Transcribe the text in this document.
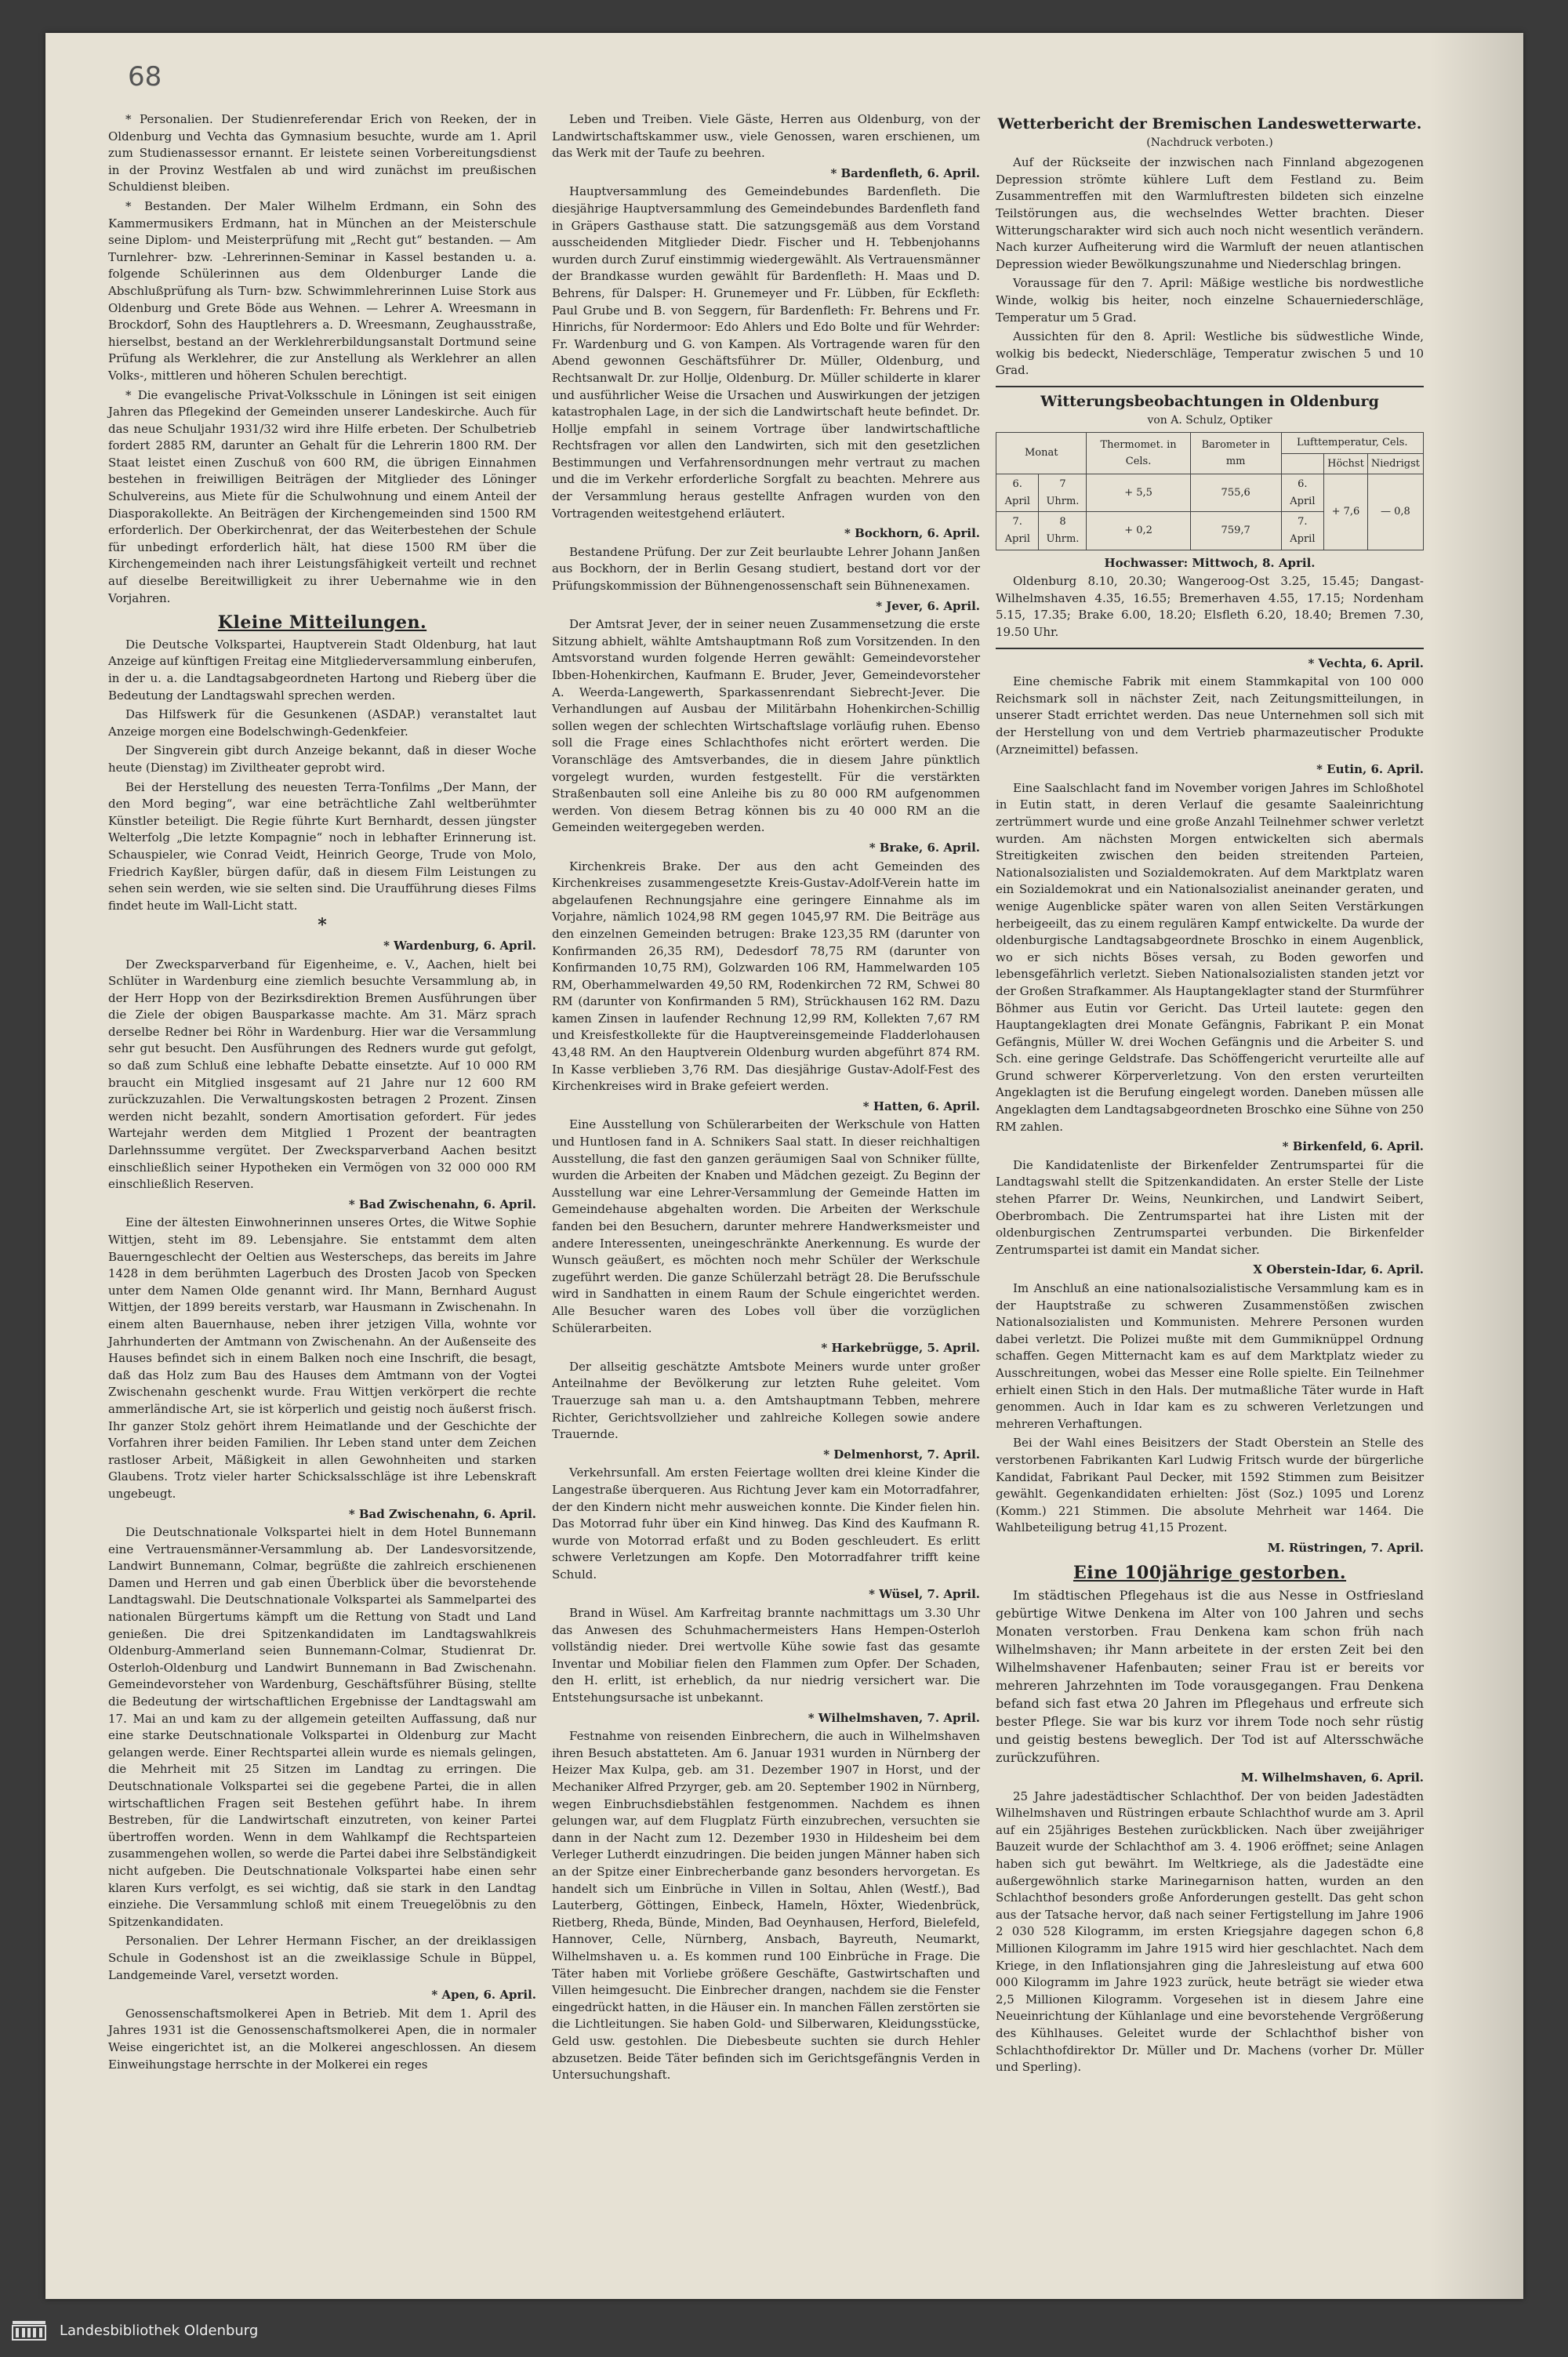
68

* Personalien. Der Studienreferendar Erich von Reeken, der in Oldenburg und Vechta das Gymnasium besuchte, wurde am 1. April zum Studienassessor ernannt. Er leistete seinen Vorbereitungsdienst in der Provinz Westfalen ab und wird zunächst im preußischen Schuldienst bleiben.

* Bestanden. Der Maler Wilhelm Erdmann, ein Sohn des Kammermusikers Erdmann, hat in München an der Meisterschule seine Diplom- und Meisterprüfung mit „Recht gut“ bestanden. — Am Turnlehrer- bzw. -Lehrerinnen-Seminar in Kassel bestanden u. a. folgende Schülerinnen aus dem Oldenburger Lande die Abschlußprüfung als Turn- bzw. Schwimmlehrerinnen Luise Stork aus Oldenburg und Grete Böde aus Wehnen. — Lehrer A. Wreesmann in Brockdorf, Sohn des Hauptlehrers a. D. Wreesmann, Zeughausstraße, hierselbst, bestand an der Werklehrerbildungsanstalt Dortmund seine Prüfung als Werklehrer, die zur Anstellung als Werklehrer an allen Volks-, mittleren und höheren Schulen berechtigt.

* Die evangelische Privat-Volksschule in Löningen ist seit einigen Jahren das Pflegekind der Gemeinden unserer Landeskirche. Auch für das neue Schuljahr 1931/32 wird ihre Hilfe erbeten. Der Schulbetrieb fordert 2885 RM, darunter an Gehalt für die Lehrerin 1800 RM. Der Staat leistet einen Zuschuß von 600 RM, die übrigen Einnahmen bestehen in freiwilligen Beiträgen der Mitglieder des Löninger Schulvereins, aus Miete für die Schulwohnung und einem Anteil der Diasporakollekte. An Beiträgen der Kirchengemeinden sind 1500 RM erforderlich. Der Oberkirchenrat, der das Weiterbestehen der Schule für unbedingt erforderlich hält, hat diese 1500 RM über die Kirchengemeinden nach ihrer Leistungsfähigkeit verteilt und rechnet auf dieselbe Bereitwilligkeit zu ihrer Uebernahme wie in den Vorjahren.

Kleine Mitteilungen.

Die Deutsche Volkspartei, Hauptverein Stadt Oldenburg, hat laut Anzeige auf künftigen Freitag eine Mitgliederversammlung einberufen, in der u. a. die Landtagsabgeordneten Hartong und Rieberg über die Bedeutung der Landtagswahl sprechen werden.

Das Hilfswerk für die Gesunkenen (ASDAP.) veranstaltet laut Anzeige morgen eine Bodelschwingh-Gedenkfeier.

Der Singverein gibt durch Anzeige bekannt, daß in dieser Woche heute (Dienstag) im Ziviltheater geprobt wird.

Bei der Herstellung des neuesten Terra-Tonfilms „Der Mann, der den Mord beging“, war eine beträchtliche Zahl weltberühmter Künstler beteiligt. Die Regie führte Kurt Bernhardt, dessen jüngster Welterfolg „Die letzte Kompagnie“ noch in lebhafter Erinnerung ist. Schauspieler, wie Conrad Veidt, Heinrich George, Trude von Molo, Friedrich Kayßler, bürgen dafür, daß in diesem Film Leistungen zu sehen sein werden, wie sie selten sind. Die Uraufführung dieses Films findet heute im Wall-Licht statt.

*
* Wardenburg, 6. April.

Der Zwecksparverband für Eigenheime, e. V., Aachen, hielt bei Schlüter in Wardenburg eine ziemlich besuchte Versammlung ab, in der Herr Hopp von der Bezirksdirektion Bremen Ausführungen über die Ziele der obigen Bausparkasse machte. Am 31. März sprach derselbe Redner bei Röhr in Wardenburg. Hier war die Versammlung sehr gut besucht. Den Ausführungen des Redners wurde gut gefolgt, so daß zum Schluß eine lebhafte Debatte einsetzte. Auf 10 000 RM braucht ein Mitglied insgesamt auf 21 Jahre nur 12 600 RM zurückzuzahlen. Die Verwaltungskosten betragen 2 Prozent. Zinsen werden nicht bezahlt, sondern Amortisation gefordert. Für jedes Wartejahr werden dem Mitglied 1 Prozent der beantragten Darlehnssumme vergütet. Der Zwecksparverband Aachen besitzt einschließlich seiner Hypotheken ein Vermögen von 32 000 000 RM einschließlich Reserven.

* Bad Zwischenahn, 6. April.

Eine der ältesten Einwohnerinnen unseres Ortes, die Witwe Sophie Wittjen, steht im 89. Lebensjahre. Sie entstammt dem alten Bauerngeschlecht der Oeltien aus Westerscheps, das bereits im Jahre 1428 in dem berühmten Lagerbuch des Drosten Jacob von Specken unter dem Namen Olde genannt wird. Ihr Mann, Bernhard August Wittjen, der 1899 bereits verstarb, war Hausmann in Zwischenahn. In einem alten Bauernhause, neben ihrer jetzigen Villa, wohnte vor Jahrhunderten der Amtmann von Zwischenahn. An der Außenseite des Hauses befindet sich in einem Balken noch eine Inschrift, die besagt, daß das Holz zum Bau des Hauses dem Amtmann von der Vogtei Zwischenahn geschenkt wurde. Frau Wittjen verkörpert die rechte ammerländische Art, sie ist körperlich und geistig noch äußerst frisch. Ihr ganzer Stolz gehört ihrem Heimatlande und der Geschichte der Vorfahren ihrer beiden Familien. Ihr Leben stand unter dem Zeichen rastloser Arbeit, Mäßigkeit in allen Gewohnheiten und starken Glaubens. Trotz vieler harter Schicksalsschläge ist ihre Lebenskraft ungebeugt.

* Bad Zwischenahn, 6. April.

Die Deutschnationale Volkspartei hielt in dem Hotel Bunnemann eine Vertrauensmänner-Versammlung ab. Der Landesvorsitzende, Landwirt Bunnemann, Colmar, begrüßte die zahlreich erschienenen Damen und Herren und gab einen Überblick über die bevorstehende Landtagswahl. Die Deutschnationale Volkspartei als Sammelpartei des nationalen Bürgertums kämpft um die Rettung von Stadt und Land genießen. Die drei Spitzenkandidaten im Landtagswahlkreis Oldenburg-Ammerland seien Bunnemann-Colmar, Studienrat Dr. Osterloh-Oldenburg und Landwirt Bunnemann in Bad Zwischenahn. Gemeindevorsteher von Wardenburg, Geschäftsführer Büsing, stellte die Bedeutung der wirtschaftlichen Ergebnisse der Landtagswahl am 17. Mai an und kam zu der allgemein geteilten Auffassung, daß nur eine starke Deutschnationale Volkspartei in Oldenburg zur Macht gelangen werde. Einer Rechtspartei allein wurde es niemals gelingen, die Mehrheit mit 25 Sitzen im Landtag zu erringen. Die Deutschnationale Volkspartei sei die gegebene Partei, die in allen wirtschaftlichen Fragen seit Bestehen geführt habe. In ihrem Bestreben, für die Landwirtschaft einzutreten, von keiner Partei übertroffen worden. Wenn in dem Wahlkampf die Rechtsparteien zusammengehen wollen, so werde die Partei dabei ihre Selbständigkeit nicht aufgeben. Die Deutschnationale Volkspartei habe einen sehr klaren Kurs verfolgt, es sei wichtig, daß sie stark in den Landtag einziehe. Die Versammlung schloß mit einem Treuegelöbnis zu den Spitzenkandidaten.

Personalien. Der Lehrer Hermann Fischer, an der dreiklassigen Schule in Godenshost ist an die zweiklassige Schule in Büppel, Landgemeinde Varel, versetzt worden.

* Apen, 6. April.

Genossenschaftsmolkerei Apen in Betrieb. Mit dem 1. April des Jahres 1931 ist die Genossenschaftsmolkerei Apen, die in normaler Weise eingerichtet ist, an die Molkerei angeschlossen. An diesem Einweihungstage herrschte in der Molkerei ein reges

Leben und Treiben. Viele Gäste, Herren aus Oldenburg, von der Landwirtschaftskammer usw., viele Genossen, waren erschienen, um das Werk mit der Taufe zu beehren.

* Bardenfleth, 6. April.

Hauptversammlung des Gemeindebundes Bardenfleth. Die diesjährige Hauptversammlung des Gemeindebundes Bardenfleth fand in Gräpers Gasthause statt. Die satzungsgemäß aus dem Vorstand ausscheidenden Mitglieder Diedr. Fischer und H. Tebbenjohanns wurden durch Zuruf einstimmig wiedergewählt. Als Vertrauensmänner der Brandkasse wurden gewählt für Bardenfleth: H. Maas und D. Behrens, für Dalsper: H. Grunemeyer und Fr. Lübben, für Eckfleth: Paul Grube und B. von Seggern, für Bardenfleth: Fr. Behrens und Fr. Hinrichs, für Nordermoor: Edo Ahlers und Edo Bolte und für Wehrder: Fr. Wardenburg und G. von Kampen. Als Vortragende waren für den Abend gewonnen Geschäftsführer Dr. Müller, Oldenburg, und Rechtsanwalt Dr. zur Hollje, Oldenburg. Dr. Müller schilderte in klarer und ausführlicher Weise die Ursachen und Auswirkungen der jetzigen katastrophalen Lage, in der sich die Landwirtschaft heute befindet. Dr. Hollje empfahl in seinem Vortrage über landwirtschaftliche Rechtsfragen vor allen den Landwirten, sich mit den gesetzlichen Bestimmungen und Verfahrensordnungen mehr vertraut zu machen und die im Verkehr erforderliche Sorgfalt zu beachten. Mehrere aus der Versammlung heraus gestellte Anfragen wurden von den Vortragenden weitestgehend erläutert.

* Bockhorn, 6. April.

Bestandene Prüfung. Der zur Zeit beurlaubte Lehrer Johann Janßen aus Bockhorn, der in Berlin Gesang studiert, bestand dort vor der Prüfungskommission der Bühnengenossenschaft sein Bühnenexamen.

* Jever, 6. April.

Der Amtsrat Jever, der in seiner neuen Zusammensetzung die erste Sitzung abhielt, wählte Amtshauptmann Roß zum Vorsitzenden. In den Amtsvorstand wurden folgende Herren gewählt: Gemeindevorsteher Ibben-Hohenkirchen, Kaufmann E. Bruder, Jever, Gemeindevorsteher A. Weerda-Langewerth, Sparkassenrendant Siebrecht-Jever. Die Verhandlungen auf Ausbau der Militärbahn Hohenkirchen-Schillig sollen wegen der schlechten Wirtschaftslage vorläufig ruhen. Ebenso soll die Frage eines Schlachthofes nicht erörtert werden. Die Voranschläge des Amtsverbandes, die in diesem Jahre pünktlich vorgelegt wurden, wurden festgestellt. Für die verstärkten Straßenbauten soll eine Anleihe bis zu 80 000 RM aufgenommen werden. Von diesem Betrag können bis zu 40 000 RM an die Gemeinden weitergegeben werden.

* Brake, 6. April.

Kirchenkreis Brake. Der aus den acht Gemeinden des Kirchenkreises zusammengesetzte Kreis-Gustav-Adolf-Verein hatte im abgelaufenen Rechnungsjahre eine geringere Einnahme als im Vorjahre, nämlich 1024,98 RM gegen 1045,97 RM. Die Beiträge aus den einzelnen Gemeinden betrugen: Brake 123,35 RM (darunter von Konfirmanden 26,35 RM), Dedesdorf 78,75 RM (darunter von Konfirmanden 10,75 RM), Golzwarden 106 RM, Hammelwarden 105 RM, Oberhammelwarden 49,50 RM, Rodenkirchen 72 RM, Schwei 80 RM (darunter von Konfirmanden 5 RM), Strückhausen 162 RM. Dazu kamen Zinsen in laufender Rechnung 12,99 RM, Kollekten 7,67 RM und Kreisfestkollekte für die Hauptvereinsgemeinde Fladderlohausen 43,48 RM. An den Hauptverein Oldenburg wurden abgeführt 874 RM. In Kasse verblieben 3,76 RM. Das diesjährige Gustav-Adolf-Fest des Kirchenkreises wird in Brake gefeiert werden.

* Hatten, 6. April.

Eine Ausstellung von Schülerarbeiten der Werkschule von Hatten und Huntlosen fand in A. Schnikers Saal statt. In dieser reichhaltigen Ausstellung, die fast den ganzen geräumigen Saal von Schniker füllte, wurden die Arbeiten der Knaben und Mädchen gezeigt. Zu Beginn der Ausstellung war eine Lehrer-Versammlung der Gemeinde Hatten im Gemeindehause abgehalten worden. Die Arbeiten der Werkschule fanden bei den Besuchern, darunter mehrere Handwerksmeister und andere Interessenten, uneingeschränkte Anerkennung. Es wurde der Wunsch geäußert, es möchten noch mehr Schüler der Werkschule zugeführt werden. Die ganze Schülerzahl beträgt 28. Die Berufsschule wird in Sandhatten in einem Raum der Schule eingerichtet werden. Alle Besucher waren des Lobes voll über die vorzüglichen Schülerarbeiten.

* Harkebrügge, 5. April.

Der allseitig geschätzte Amtsbote Meiners wurde unter großer Anteilnahme der Bevölkerung zur letzten Ruhe geleitet. Vom Trauerzuge sah man u. a. den Amtshauptmann Tebben, mehrere Richter, Gerichtsvollzieher und zahlreiche Kollegen sowie andere Trauernde.

* Delmenhorst, 7. April.

Verkehrsunfall. Am ersten Feiertage wollten drei kleine Kinder die Langestraße überqueren. Aus Richtung Jever kam ein Motorradfahrer, der den Kindern nicht mehr ausweichen konnte. Die Kinder fielen hin. Das Motorrad fuhr über ein Kind hinweg. Das Kind des Kaufmann R. wurde von Motorrad erfaßt und zu Boden geschleudert. Es erlitt schwere Verletzungen am Kopfe. Den Motorradfahrer trifft keine Schuld.

* Wüsel, 7. April.

Brand in Wüsel. Am Karfreitag brannte nachmittags um 3.30 Uhr das Anwesen des Schuhmachermeisters Hans Hempen-Osterloh vollständig nieder. Drei wertvolle Kühe sowie fast das gesamte Inventar und Mobiliar fielen den Flammen zum Opfer. Der Schaden, den H. erlitt, ist erheblich, da nur niedrig versichert war. Die Entstehungsursache ist unbekannt.

* Wilhelmshaven, 7. April.

Festnahme von reisenden Einbrechern, die auch in Wilhelmshaven ihren Besuch abstatteten. Am 6. Januar 1931 wurden in Nürnberg der Heizer Max Kulpa, geb. am 31. Dezember 1907 in Horst, und der Mechaniker Alfred Przyrger, geb. am 20. September 1902 in Nürnberg, wegen Einbruchsdiebstählen festgenommen. Nachdem es ihnen gelungen war, auf dem Flugplatz Fürth einzubrechen, versuchten sie dann in der Nacht zum 12. Dezember 1930 in Hildesheim bei dem Verleger Lutherdt einzudringen. Die beiden jungen Männer haben sich an der Spitze einer Einbrecherbande ganz besonders hervorgetan. Es handelt sich um Einbrüche in Villen in Soltau, Ahlen (Westf.), Bad Lauterberg, Göttingen, Einbeck, Hameln, Höxter, Wiedenbrück, Rietberg, Rheda, Bünde, Minden, Bad Oeynhausen, Herford, Bielefeld, Hannover, Celle, Nürnberg, Ansbach, Bayreuth, Neumarkt, Wilhelmshaven u. a. Es kommen rund 100 Einbrüche in Frage. Die Täter haben mit Vorliebe größere Geschäfte, Gastwirtschaften und Villen heimgesucht. Die Einbrecher drangen, nachdem sie die Fenster eingedrückt hatten, in die Häuser ein. In manchen Fällen zerstörten sie die Lichtleitungen. Sie haben Gold- und Silberwaren, Kleidungsstücke, Geld usw. gestohlen. Die Diebesbeute suchten sie durch Hehler abzusetzen. Beide Täter befinden sich im Gerichtsgefängnis Verden in Untersuchungshaft.

Wetterbericht der Bremischen Landeswetterwarte.
(Nachdruck verboten.)

Auf der Rückseite der inzwischen nach Finnland abgezogenen Depression strömte kühlere Luft dem Festland zu. Beim Zusammentreffen mit den Warmluftresten bildeten sich einzelne Teilstörungen aus, die wechselndes Wetter brachten. Dieser Witterungscharakter wird sich auch noch nicht wesentlich verändern. Nach kurzer Aufheiterung wird die Warmluft der neuen atlantischen Depression wieder Bewölkungszunahme und Niederschlag bringen.

Voraussage für den 7. April: Mäßige westliche bis nordwestliche Winde, wolkig bis heiter, noch einzelne Schauerniederschläge, Temperatur um 5 Grad.

Aussichten für den 8. April: Westliche bis südwestliche Winde, wolkig bis bedeckt, Niederschläge, Temperatur zwischen 5 und 10 Grad.

Witterungsbeobachtungen in Oldenburg
von A. Schulz, Optiker
Monat		Thermomet. in Cels.	Barometer in mm	Lufttemperatur, Cels.		
					Höchst	Niedrigst
6. April	7 Uhrm.	+ 5,5	755,6	6. April	+ 7,6	— 0,8
7. April	8 Uhrm.	+ 0,2	759,7	7. April		
Hochwasser: Mittwoch, 8. April.

Oldenburg 8.10, 20.30; Wangeroog-Ost 3.25, 15.45; Dangast-Wilhelmshaven 4.35, 16.55; Bremerhaven 4.55, 17.15; Nordenham 5.15, 17.35; Brake 6.00, 18.20; Elsfleth 6.20, 18.40; Bremen 7.30, 19.50 Uhr.

* Vechta, 6. April.

Eine chemische Fabrik mit einem Stammkapital von 100 000 Reichsmark soll in nächster Zeit, nach Zeitungsmitteilungen, in unserer Stadt errichtet werden. Das neue Unternehmen soll sich mit der Herstellung von und dem Vertrieb pharmazeutischer Produkte (Arzneimittel) befassen.

* Eutin, 6. April.

Eine Saalschlacht fand im November vorigen Jahres im Schloßhotel in Eutin statt, in deren Verlauf die gesamte Saaleinrichtung zertrümmert wurde und eine große Anzahl Teilnehmer schwer verletzt wurden. Am nächsten Morgen entwickelten sich abermals Streitigkeiten zwischen den beiden streitenden Parteien, Nationalsozialisten und Sozialdemokraten. Auf dem Marktplatz waren ein Sozialdemokrat und ein Nationalsozialist aneinander geraten, und wenige Augenblicke später waren von allen Seiten Verstärkungen herbeigeeilt, das zu einem regulären Kampf entwickelte. Da wurde der oldenburgische Landtagsabgeordnete Broschko in einem Augenblick, wo er sich nichts Böses versah, zu Boden geworfen und lebensgefährlich verletzt. Sieben Nationalsozialisten standen jetzt vor der Großen Strafkammer. Als Hauptangeklagter stand der Sturmführer Böhmer aus Eutin vor Gericht. Das Urteil lautete: gegen den Hauptangeklagten drei Monate Gefängnis, Fabrikant P. ein Monat Gefängnis, Müller W. drei Wochen Gefängnis und die Arbeiter S. und Sch. eine geringe Geldstrafe. Das Schöffengericht verurteilte alle auf Grund schwerer Körperverletzung. Von den ersten verurteilten Angeklagten ist die Berufung eingelegt worden. Daneben müssen alle Angeklagten dem Landtagsabgeordneten Broschko eine Sühne von 250 RM zahlen.

* Birkenfeld, 6. April.

Die Kandidatenliste der Birkenfelder Zentrumspartei für die Landtagswahl stellt die Spitzenkandidaten. An erster Stelle der Liste stehen Pfarrer Dr. Weins, Neunkirchen, und Landwirt Seibert, Oberbrombach. Die Zentrumspartei hat ihre Listen mit der oldenburgischen Zentrumspartei verbunden. Die Birkenfelder Zentrumspartei ist damit ein Mandat sicher.

X Oberstein-Idar, 6. April.

Im Anschluß an eine nationalsozialistische Versammlung kam es in der Hauptstraße zu schweren Zusammenstößen zwischen Nationalsozialisten und Kommunisten. Mehrere Personen wurden dabei verletzt. Die Polizei mußte mit dem Gummiknüppel Ordnung schaffen. Gegen Mitternacht kam es auf dem Marktplatz wieder zu Ausschreitungen, wobei das Messer eine Rolle spielte. Ein Teilnehmer erhielt einen Stich in den Hals. Der mutmaßliche Täter wurde in Haft genommen. Auch in Idar kam es zu schweren Verletzungen und mehreren Verhaftungen.

Bei der Wahl eines Beisitzers der Stadt Oberstein an Stelle des verstorbenen Fabrikanten Karl Ludwig Fritsch wurde der bürgerliche Kandidat, Fabrikant Paul Decker, mit 1592 Stimmen zum Beisitzer gewählt. Gegenkandidaten erhielten: Jöst (Soz.) 1095 und Lorenz (Komm.) 221 Stimmen. Die absolute Mehrheit war 1464. Die Wahlbeteiligung betrug 41,15 Prozent.

M. Rüstringen, 7. April.
Eine 100jährige gestorben.

Im städtischen Pflegehaus ist die aus Nesse in Ostfriesland gebürtige Witwe Denkena im Alter von 100 Jahren und sechs Monaten verstorben. Frau Denkena kam schon früh nach Wilhelmshaven; ihr Mann arbeitete in der ersten Zeit bei den Wilhelmshavener Hafenbauten; seiner Frau ist er bereits vor mehreren Jahrzehnten im Tode vorausgegangen. Frau Denkena befand sich fast etwa 20 Jahren im Pflegehaus und erfreute sich bester Pflege. Sie war bis kurz vor ihrem Tode noch sehr rüstig und geistig bestens beweglich. Der Tod ist auf Altersschwäche zurückzuführen.

M. Wilhelmshaven, 6. April.

25 Jahre jadestädtischer Schlachthof. Der von beiden Jadestädten Wilhelmshaven und Rüstringen erbaute Schlachthof wurde am 3. April auf ein 25jähriges Bestehen zurückblicken. Nach über zweijähriger Bauzeit wurde der Schlachthof am 3. 4. 1906 eröffnet; seine Anlagen haben sich gut bewährt. Im Weltkriege, als die Jadestädte eine außergewöhnlich starke Marinegarnison hatten, wurden an den Schlachthof besonders große Anforderungen gestellt. Das geht schon aus der Tatsache hervor, daß nach seiner Fertigstellung im Jahre 1906 2 030 528 Kilogramm, im ersten Kriegsjahre dagegen schon 6,8 Millionen Kilogramm im Jahre 1915 wird hier geschlachtet. Nach dem Kriege, in den Inflationsjahren ging die Jahresleistung auf etwa 600 000 Kilogramm im Jahre 1923 zurück, heute beträgt sie wieder etwa 2,5 Millionen Kilogramm. Vorgesehen ist in diesem Jahre eine Neueinrichtung der Kühlanlage und eine bevorstehende Vergrößerung des Kühlhauses. Geleitet wurde der Schlachthof bisher von Schlachthofdirektor Dr. Müller und Dr. Machens (vorher Dr. Müller und Sperling).

Landesbibliothek Oldenburg
